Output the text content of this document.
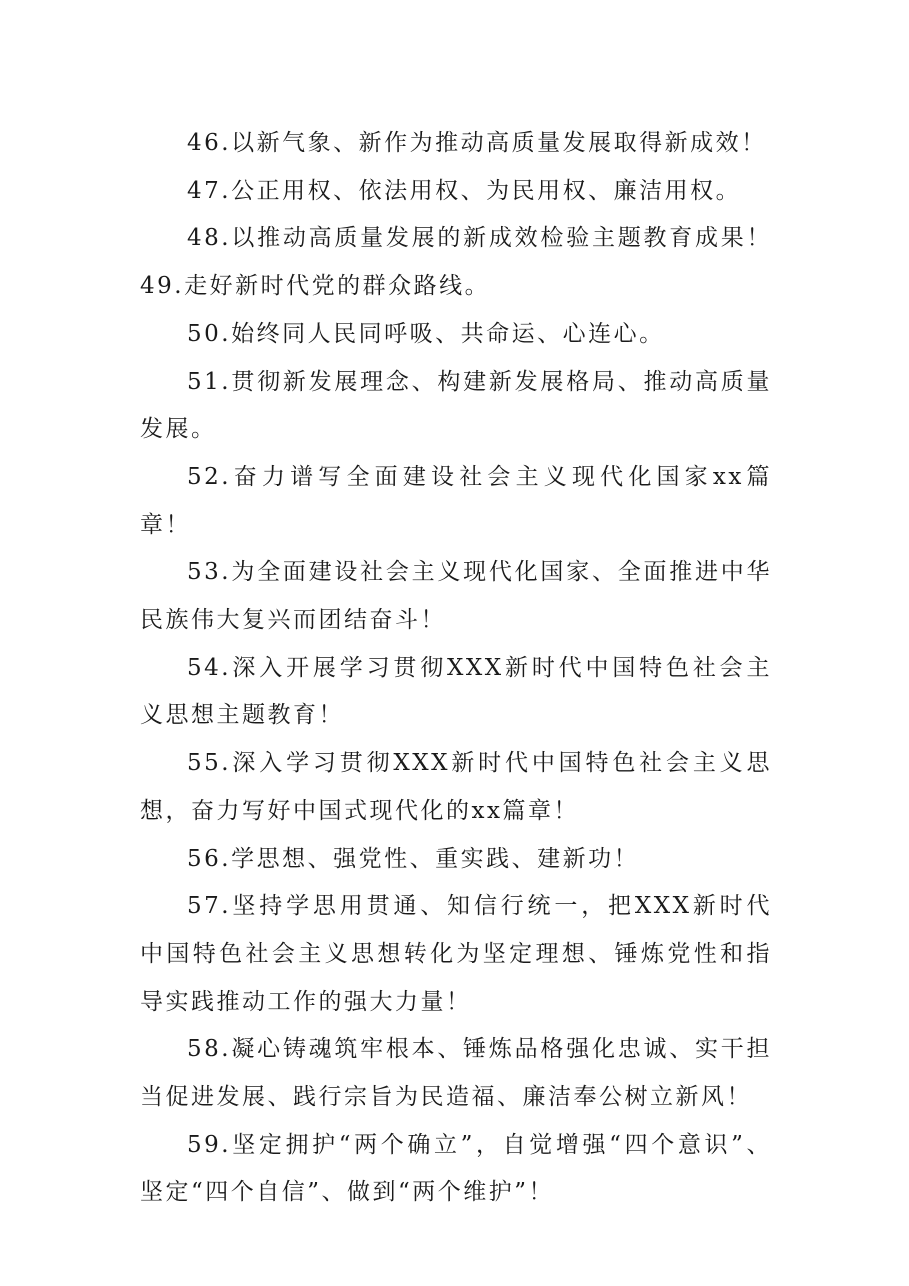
46.以新气象、新作为推动高质量发展取得新成效！

47.公正用权、依法用权、为民用权、廉洁用权。

48.以推动高质量发展的新成效检验主题教育成果！49.走好新时代党的群众路线。

50.始终同人民同呼吸、共命运、心连心。

51.贯彻新发展理念、构建新发展格局、推动高质量发展。

52.奋力谱写全面建设社会主义现代化国家xx篇章！

53.为全面建设社会主义现代化国家、全面推进中华民族伟大复兴而团结奋斗！

54.深入开展学习贯彻XXX新时代中国特色社会主义思想主题教育！

55.深入学习贯彻XXX新时代中国特色社会主义思想，奋力写好中国式现代化的xx篇章！

56.学思想、强党性、重实践、建新功！

57.坚持学思用贯通、知信行统一，把XXX新时代中国特色社会主义思想转化为坚定理想、锤炼党性和指导实践推动工作的强大力量！

58.凝心铸魂筑牢根本、锤炼品格强化忠诚、实干担当促进发展、践行宗旨为民造福、廉洁奉公树立新风！

59.坚定拥护“两个确立”，自觉增强“四个意识”、坚定“四个自信”、做到“两个维护”！
